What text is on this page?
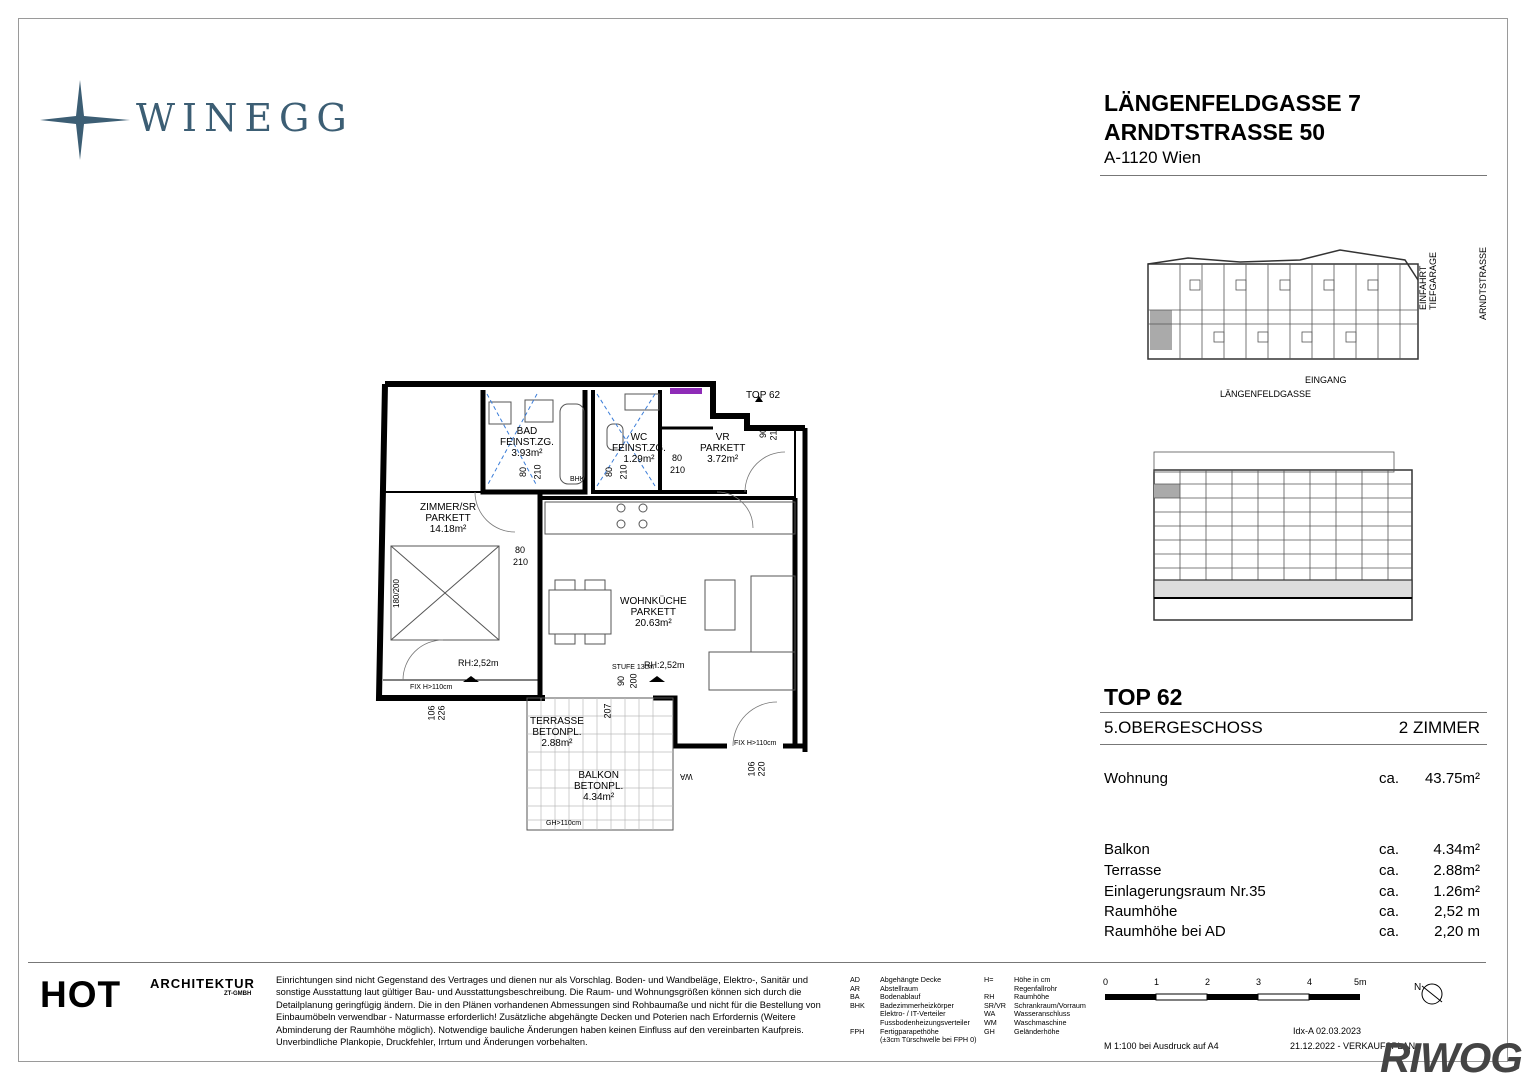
WINEGG	LÄNGENFELDGASSE 7
ARNDTSTRASSE 50
A-1120 Wien
EINGANG
LÄNGENFELDGASSE
EINFAHRT
TIEFGARAGE	ARNDTSTRASSE
TOP 62
BAD
FEINST.ZG.
3.93m²
WC
FEINST.ZG.
1.29m²
VR
PARKETT
3.72m²
ZIMMER/SR
PARKETT
14.18m²
WOHNKÜCHE
PARKETT
20.63m²
TERRASSE
BETONPL.
2.88m²
BALKON
BETONPL.
4.34m²
RH:2,52m	RH:2,52m
STUFE 13cm
FIX H>110cm
FIX H>110cm
GH>110cm
BHK
WA
180/200
80 210	80 210
80
210
80
210
90 210
90 200
207
106 226
106 220
TOP 62
5.OBERGESCHOSS	2 ZIMMER
Wohnung	ca. 43.75m²
Balkon	ca. 4.34m²
Terrasse	ca. 2.88m²
Einlagerungsraum Nr.35	ca. 1.26m²
Raumhöhe	ca. 2,52 m
Raumhöhe bei AD	ca. 2,20 m
HOT ARCHITEKTUR
ZT-GMBH
Einrichtungen sind nicht Gegenstand des Vertrages und dienen nur als Vorschlag. Boden- und Wandbeläge, Elektro-, Sanitär und sonstige Ausstattung laut gültiger Bau- und Ausstattungsbeschreibung. Die Raum- und Wohnungsgrößen können sich durch die Detailplanung geringfügig ändern. Die in den Plänen vorhandenen Abmessungen sind Rohbaumaße und nicht für die Bestellung von Einbaumöbeln verwendbar - Naturmasse erforderlich! Zusätzliche abgehängte Decken und Poterien nach Erfordernis (Weitere Abminderung der Raumhöhe möglich). Notwendige bauliche Änderungen haben keinen Einfluss auf den vereinbarten Kaufpreis. Unverbindliche Plankopie, Druckfehler, Irrtum und Änderungen vorbehalten.
AD	Abgehängte Decke
AR	Abstellraum
BA	Bodenablauf
BHK Badezimmerheizkörper
Elektro- / IT-Verteiler
Fussbodenheizungsverteiler
FPH Fertigparapethöhe
(±3cm Türschwelle bei FPH 0)
H=	Höhe in cm
Regenfallrohr
RH	Raumhöhe
SR/VR Schrankraum/Vorraum
WA	Wasseranschluss
WM Waschmaschine
GH	Geländerhöhe
0	1	2	3	4	5m	N
Idx-A 02.03.2023
M 1:100 bei Ausdruck auf A4	21.12.2022 - VERKAUFSPLAN
RIWOG
